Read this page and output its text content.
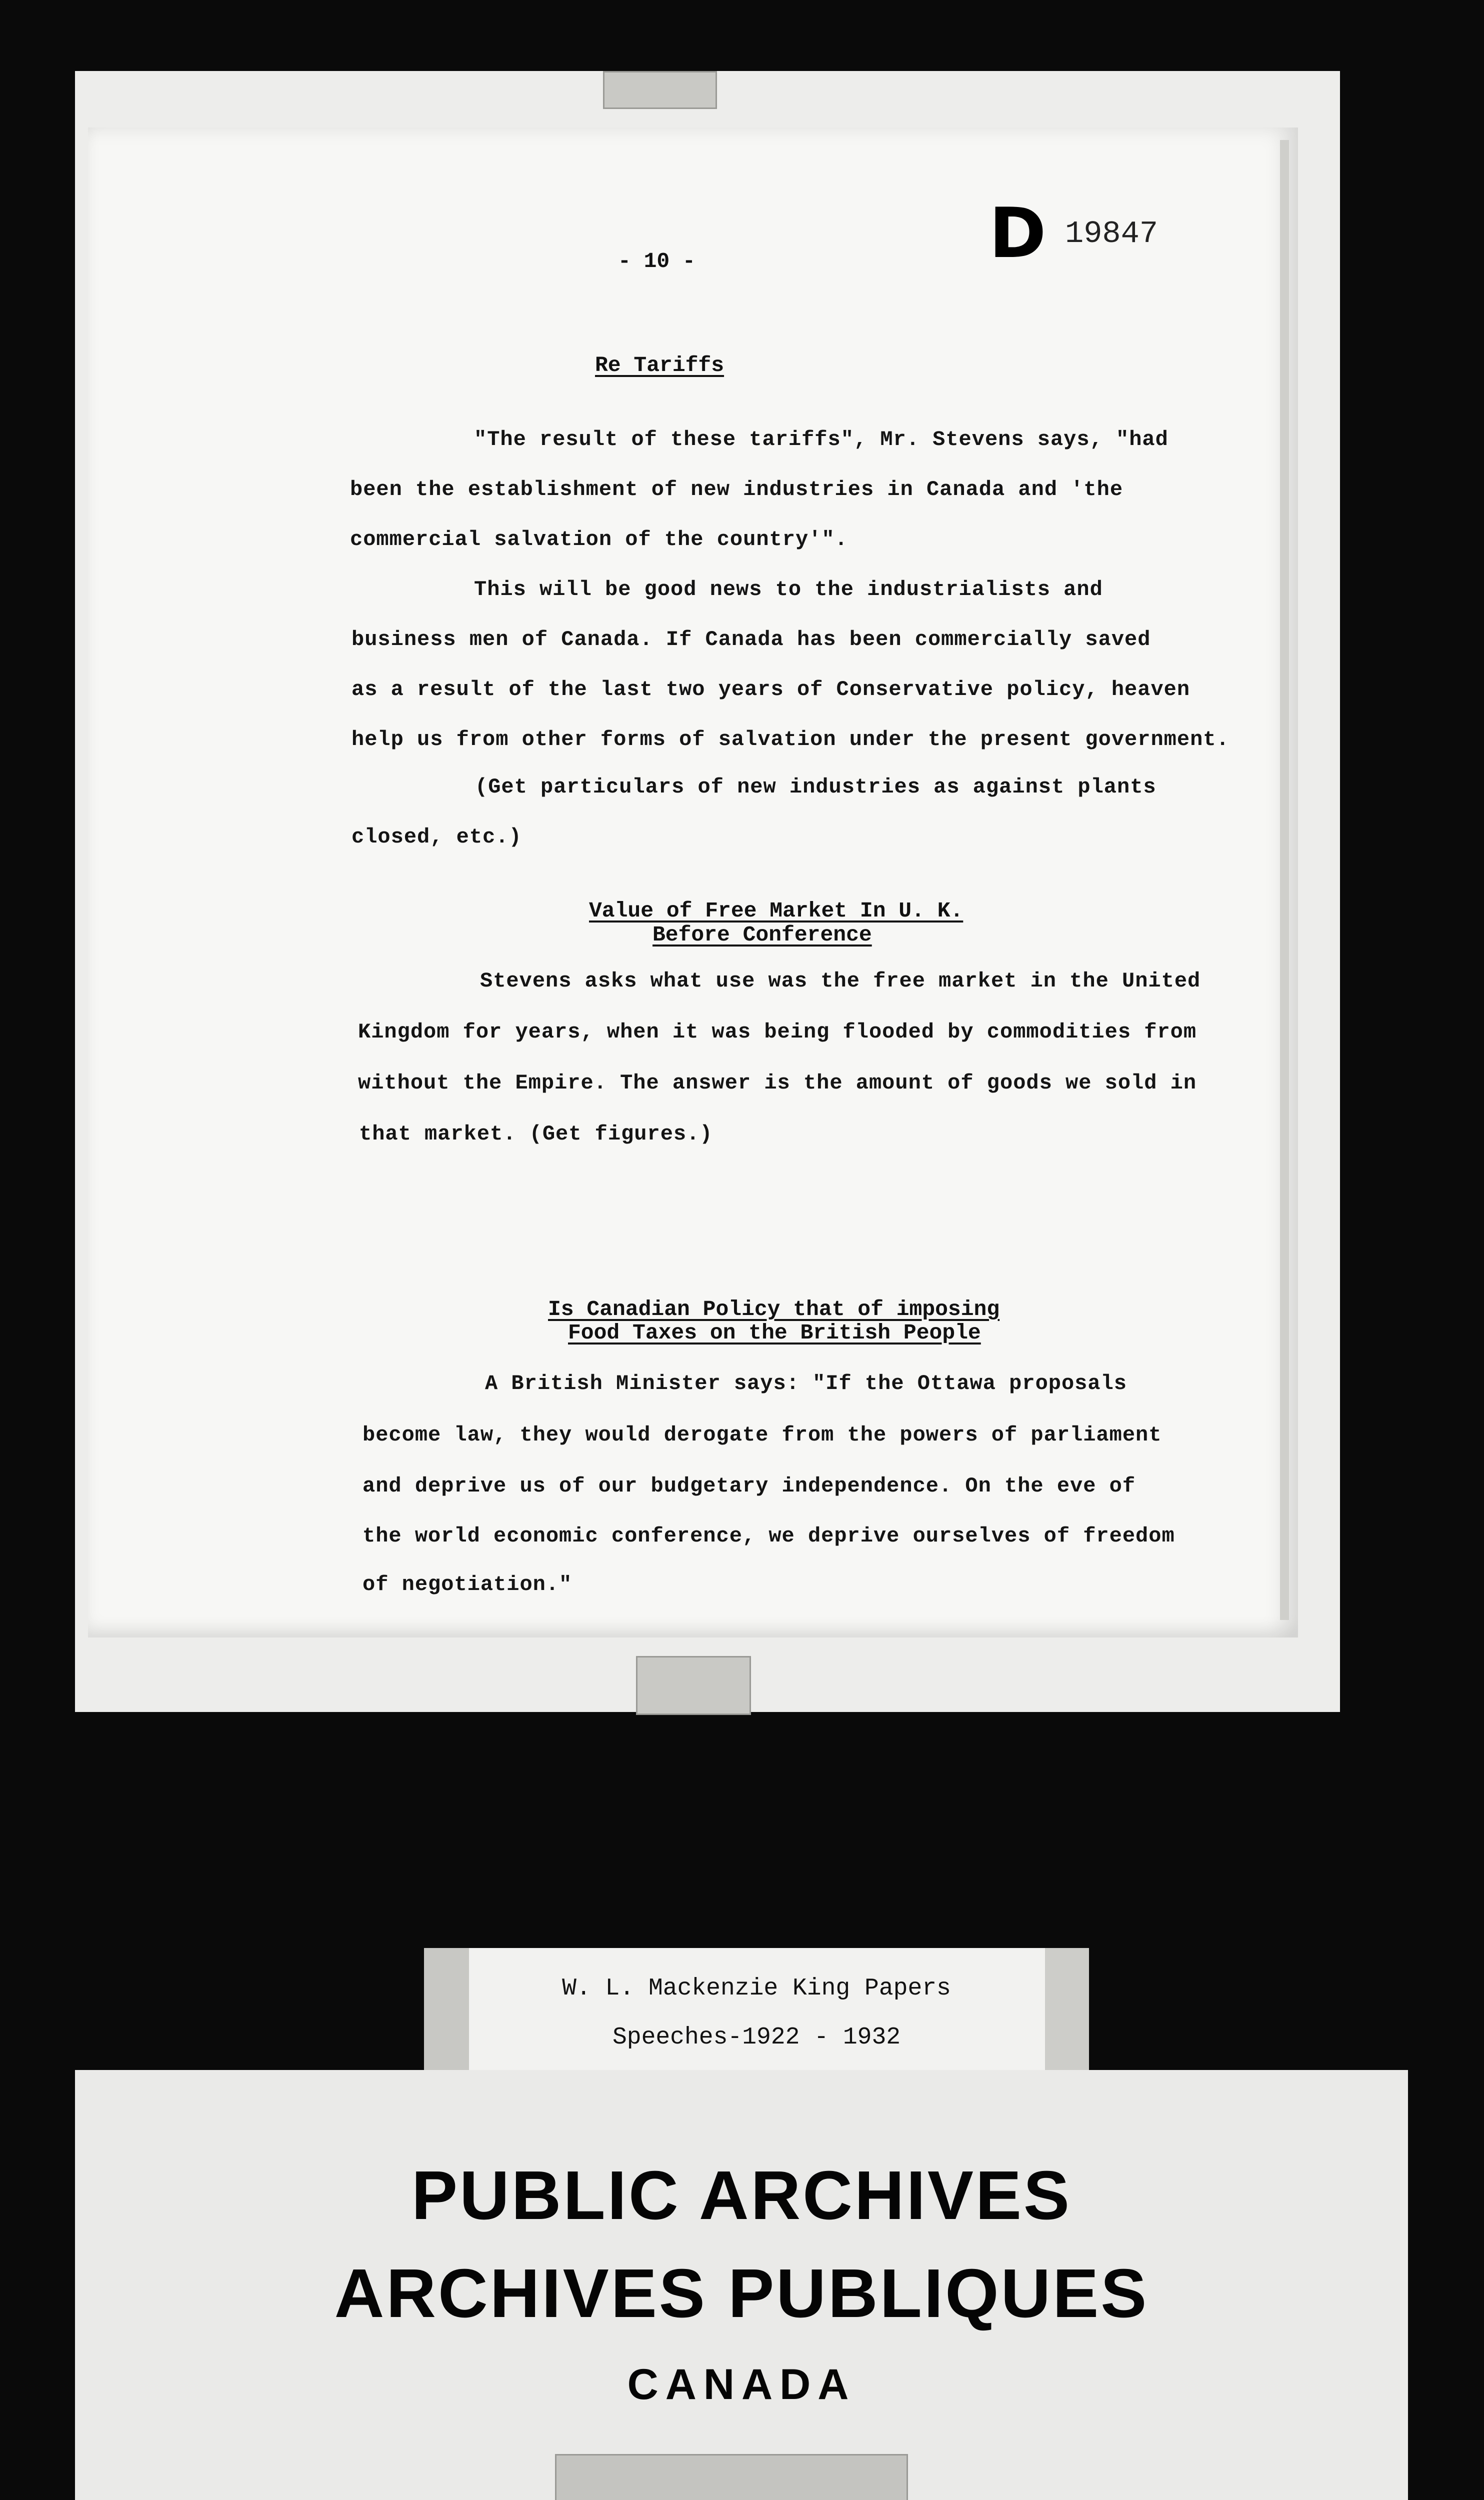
- 10 -	D 19847
Re Tariffs
"The result of these tariffs", Mr. Stevens says, "had
been the establishment of new industries in Canada and 'the
commercial salvation of the country'".
This will be good news to the industrialists and
business men of Canada. If Canada has been commercially saved
as a result of the last two years of Conservative policy, heaven
help us from other forms of salvation under the present government.
(Get particulars of new industries as against plants
closed, etc.)
Value of Free Market In U. K.
Before Conference
Stevens asks what use was the free market in the United
Kingdom for years, when it was being flooded by commodities from
without the Empire. The answer is the amount of goods we sold in
that market. (Get figures.)
Is Canadian Policy that of imposing
Food Taxes on the British People
A British Minister says: "If the Ottawa proposals
become law, they would derogate from the powers of parliament
and deprive us of our budgetary independence. On the eve of
the world economic conference, we deprive ourselves of freedom
of negotiation."
W. L. Mackenzie King Papers
Speeches-1922 - 1932
PUBLIC ARCHIVES
ARCHIVES PUBLIQUES
CANADA
